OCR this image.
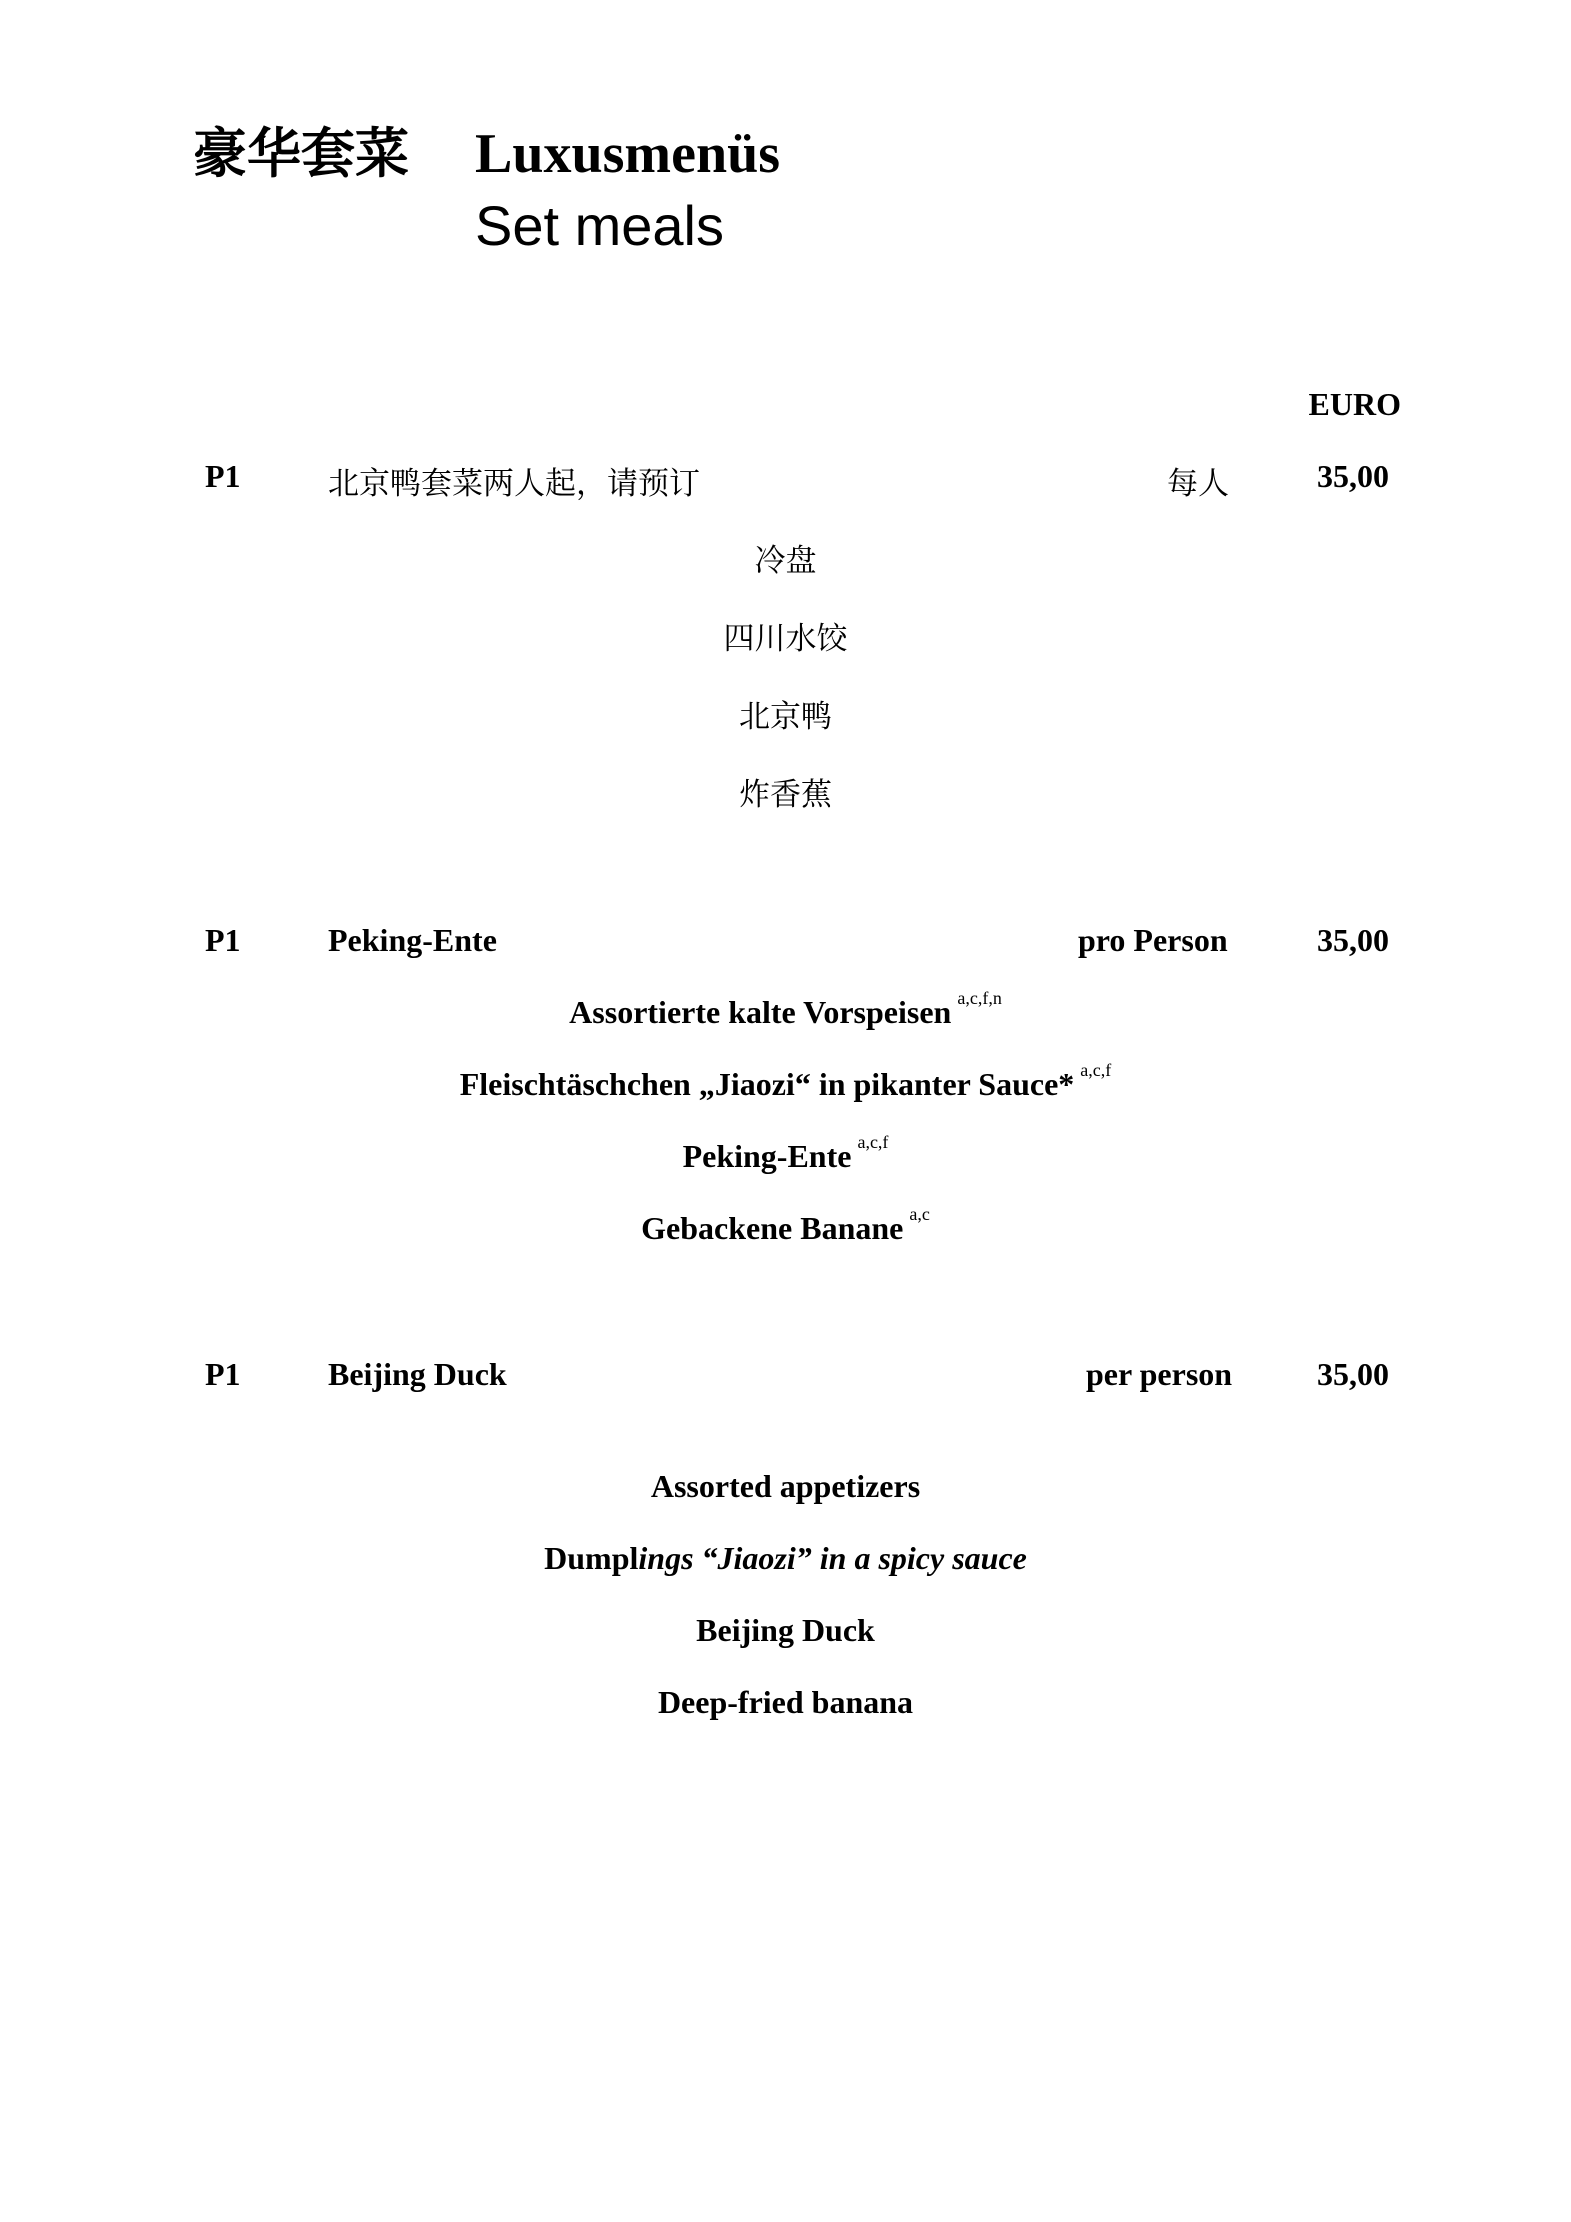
豪华套菜 Luxusmenüs
Set meals
EURO
P1	北京鸭套菜两人起，请预订	每人	35,00
冷盘
四川水饺
北京鸭
炸香蕉
P1	Peking-Ente	pro Person	35,00
Assortierte kalte Vorspeisen $^{a,c,f,n}$
Fleischtäschchen „Jiaozi“ in pikanter Sauce* $^{a,c,f}$
Peking-Ente $^{a,c,f}$
Gebackene Banane $^{a,c}$
P1	Beijing Duck	per person	35,00
Assorted appetizers
Dumplings “Jiaozi” in a spicy sauce
Beijing Duck
Deep-fried banana
